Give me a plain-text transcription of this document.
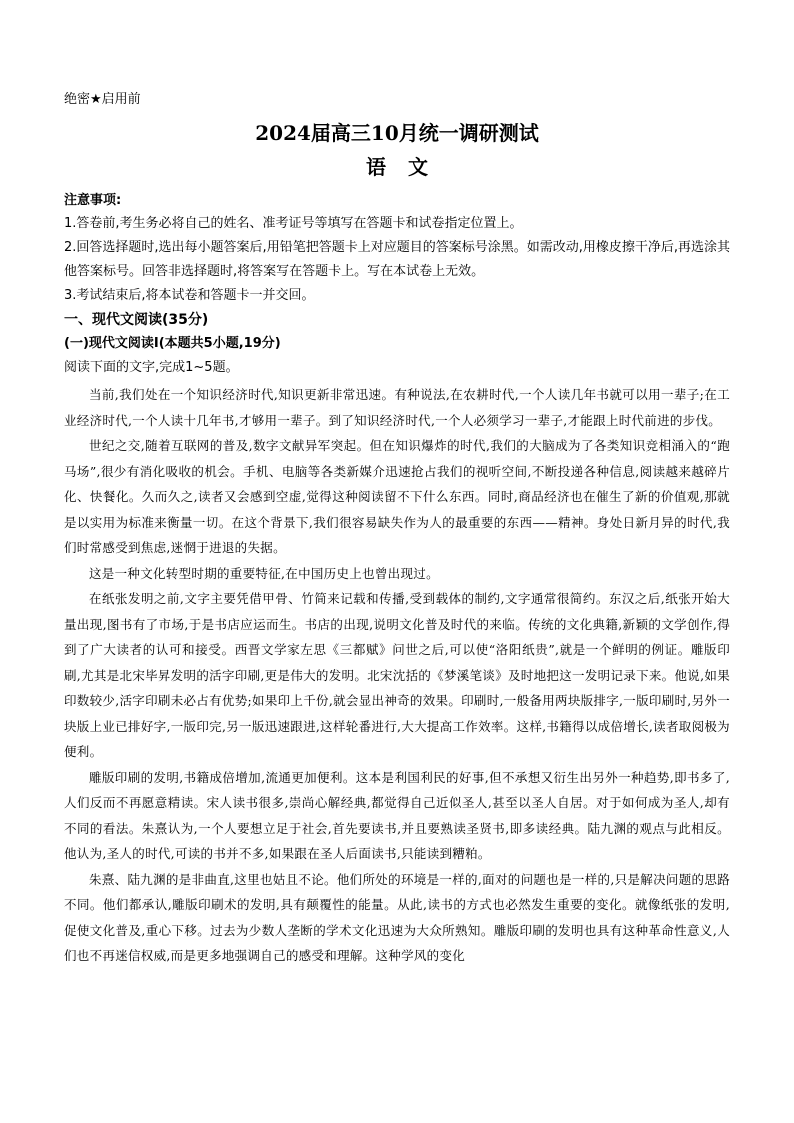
绝密★启用前

2024届高三10月统一调研测试
语文

注意事项:

1.答卷前,考生务必将自己的姓名、准考证号等填写在答题卡和试卷指定位置上。

2.回答选择题时,选出每小题答案后,用铅笔把答题卡上对应题目的答案标号涂黑。如需改动,用橡皮擦干净后,再选涂其他答案标号。回答非选择题时,将答案写在答题卡上。写在本试卷上无效。

3.考试结束后,将本试卷和答题卡一并交回。

一、现代文阅读(35分)

(一)现代文阅读Ⅰ(本题共5小题,19分)

阅读下面的文字,完成1~5题。

当前,我们处在一个知识经济时代,知识更新非常迅速。有种说法,在农耕时代,一个人读几年书就可以用一辈子;在工业经济时代,一个人读十几年书,才够用一辈子。到了知识经济时代,一个人必须学习一辈子,才能跟上时代前进的步伐。

世纪之交,随着互联网的普及,数字文献异军突起。但在知识爆炸的时代,我们的大脑成为了各类知识竞相涌入的“跑马场”,很少有消化吸收的机会。手机、电脑等各类新媒介迅速抢占我们的视听空间,不断投递各种信息,阅读越来越碎片化、快餐化。久而久之,读者又会感到空虚,觉得这种阅读留不下什么东西。同时,商品经济也在催生了新的价值观,那就是以实用为标准来衡量一切。在这个背景下,我们很容易缺失作为人的最重要的东西——精神。身处日新月异的时代,我们时常感受到焦虑,迷惘于进退的失据。

这是一种文化转型时期的重要特征,在中国历史上也曾出现过。

在纸张发明之前,文字主要凭借甲骨、竹简来记载和传播,受到载体的制约,文字通常很简约。东汉之后,纸张开始大量出现,图书有了市场,于是书店应运而生。书店的出现,说明文化普及时代的来临。传统的文化典籍,新颖的文学创作,得到了广大读者的认可和接受。西晋文学家左思《三都赋》问世之后,可以使“洛阳纸贵”,就是一个鲜明的例证。雕版印刷,尤其是北宋毕昇发明的活字印刷,更是伟大的发明。北宋沈括的《梦溪笔谈》及时地把这一发明记录下来。他说,如果印数较少,活字印刷未必占有优势;如果印上千份,就会显出神奇的效果。印刷时,一般备用两块版排字,一版印刷时,另外一块版上业已排好字,一版印完,另一版迅速跟进,这样轮番进行,大大提高工作效率。这样,书籍得以成倍增长,读者取阅极为便利。

雕版印刷的发明,书籍成倍增加,流通更加便利。这本是利国利民的好事,但不承想又衍生出另外一种趋势,即书多了,人们反而不再愿意精读。宋人读书很多,崇尚心解经典,都觉得自己近似圣人,甚至以圣人自居。对于如何成为圣人,却有不同的看法。朱熹认为,一个人要想立足于社会,首先要读书,并且要熟读圣贤书,即多读经典。陆九渊的观点与此相反。他认为,圣人的时代,可读的书并不多,如果跟在圣人后面读书,只能读到糟粕。

朱熹、陆九渊的是非曲直,这里也姑且不论。他们所处的环境是一样的,面对的问题也是一样的,只是解决问题的思路不同。他们都承认,雕版印刷术的发明,具有颠覆性的能量。从此,读书的方式也必然发生重要的变化。就像纸张的发明,促使文化普及,重心下移。过去为少数人垄断的学术文化迅速为大众所熟知。雕版印刷的发明也具有这种革命性意义,人们也不再迷信权威,而是更多地强调自己的感受和理解。这种学风的变化
